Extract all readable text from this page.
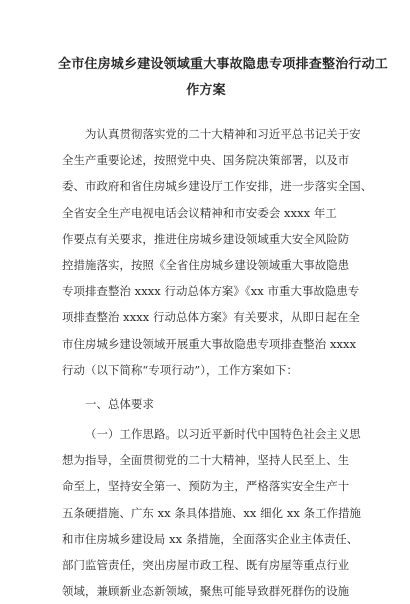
全市住房城乡建设领域重大事故隐患专项排查整治行动工
作方案
为认真贯彻落实党的二十大精神和习近平总书记关于安
全生产重要论述，按照党中央、国务院决策部署，以及市
委、市政府和省住房城乡建设厅工作安排，进一步落实全国、
全省安全生产电视电话会议精神和市安委会 xxxx 年工
作要点有关要求，推进住房城乡建设领域重大安全风险防
控措施落实，按照《全省住房城乡建设领域重大事故隐患
专项排查整治 xxxx 行动总体方案》《xx 市重大事故隐患专
项排查整治 xxxx 行动总体方案》有关要求，从即日起在全
市住房城乡建设领域开展重大事故隐患专项排查整治 xxxx
行动（以下简称“专项行动”），工作方案如下：
一、总体要求
（一）工作思路。以习近平新时代中国特色社会主义思
想为指导，全面贯彻党的二十大精神，坚持人民至上、生
命至上，坚持安全第一、预防为主，严格落实安全生产十
五条硬措施、广东 xx 条具体措施、xx 细化 xx 条工作措施
和市住房城乡建设局 xx 条措施，全面落实企业主体责任、
部门监管责任，突出房屋市政工程、既有房屋等重点行业
领域，兼顾新业态新领域，聚焦可能导致群死群伤的设施
